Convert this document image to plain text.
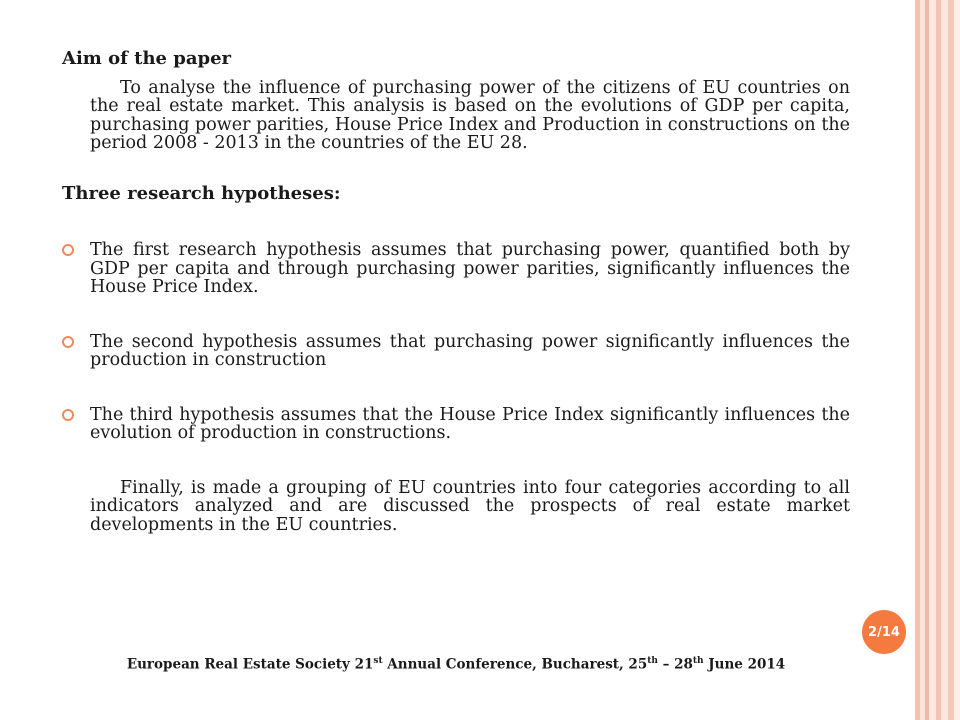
Aim of the paper

To analyse the influence of purchasing power of the citizens of EU countries on the real estate market. This analysis is based on the evolutions of GDP per capita, purchasing power parities, House Price Index and Production in constructions on the period 2008 - 2013 in the countries of the EU 28.

Three research hypotheses:

The first research hypothesis assumes that purchasing power, quantified both by GDP per capita and through purchasing power parities, significantly influences the House Price Index.
The second hypothesis assumes that purchasing power significantly influences the production in construction
The third hypothesis assumes that the House Price Index significantly influences the evolution of production in constructions.

Finally, is made a grouping of EU countries into four categories according to all indicators analyzed and are discussed the prospects of real estate market developments in the EU countries.

2/14
European Real Estate Society 21st Annual Conference, Bucharest, 25th – 28th June 2014
